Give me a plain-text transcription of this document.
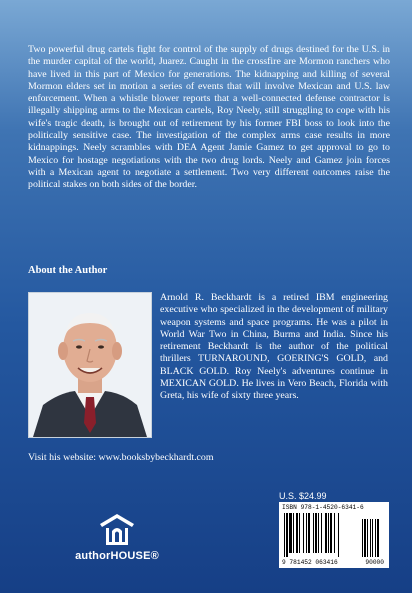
Two powerful drug cartels fight for control of the supply of drugs destined for the U.S. in the murder capital of the world, Juarez. Caught in the crossfire are Mormon ranchers who have lived in this part of Mexico for generations. The kidnapping and killing of several Mormon elders set in motion a series of events that will involve Mexican and U.S. law enforcement. When a whistle blower reports that a well-connected defense contractor is illegally shipping arms to the Mexican cartels, Roy Neely, still struggling to cope with his wife's tragic death, is brought out of retirement by his former FBI boss to look into the politically sensitive case. The investigation of the complex arms case results in more kidnappings. Neely scrambles with DEA Agent Jamie Gamez to get approval to go to Mexico for hostage negotiations with the two drug lords. Neely and Gamez join forces with a Mexican agent to negotiate a settlement. Two very different outcomes raise the political stakes on both sides of the border.

About the Author

Arnold R. Beckhardt is a retired IBM engineering executive who specialized in the development of military weapon systems and space programs. He was a pilot in World War Two in China, Burma and India. Since his retirement Beckhardt is the author of the political thrillers TURNAROUND, GOERING'S GOLD, and BLACK GOLD. Roy Neely's adventures continue in MEXICAN GOLD. He lives in Vero Beach, Florida with Greta, his wife of sixty three years.

Visit his website: www.booksbybeckhardt.com

authorHOUSE®

U.S. $24.99

ISBN 978-1-4520-6341-6
9 781452 063416	90000
